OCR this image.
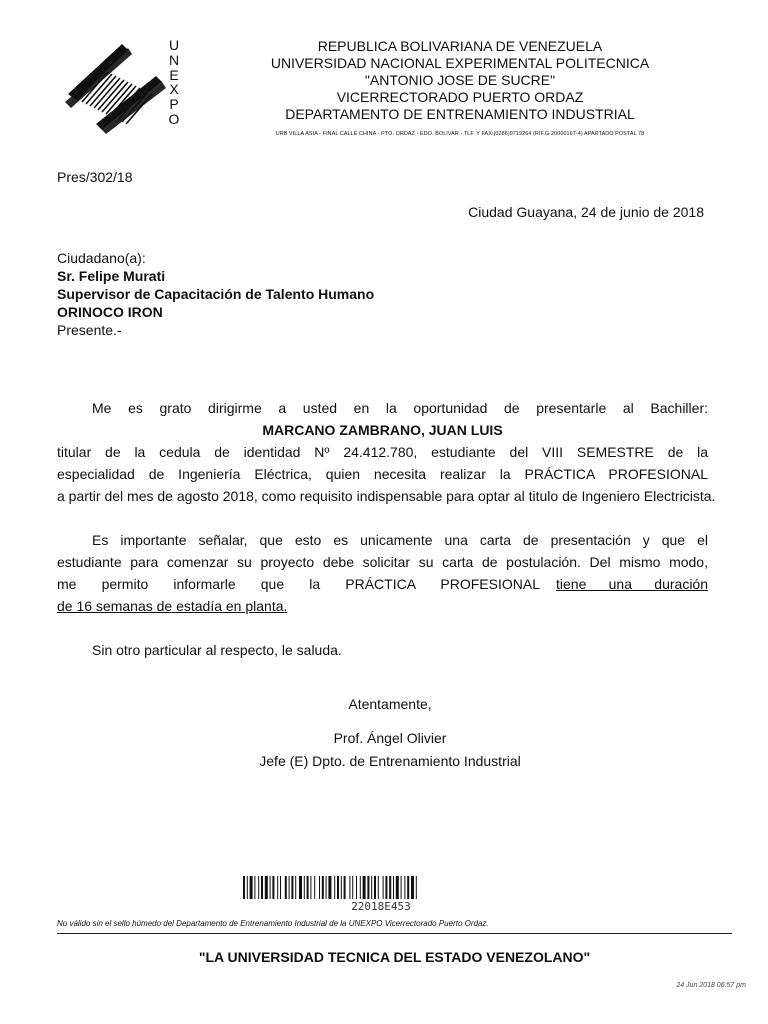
U
N
E
X
P
O
REPUBLICA BOLIVARIANA DE VENEZUELA
UNIVERSIDAD NACIONAL EXPERIMENTAL POLITECNICA
"ANTONIO JOSE DE SUCRE"
VICERRECTORADO PUERTO ORDAZ
DEPARTAMENTO DE ENTRENAMIENTO INDUSTRIAL
URB VILLA ASIA - FINAL CALLE CHINA - PTO. ORDAZ - EDO. BOLIVAR - TLF. Y FAX:(0286)9719264 (RIF.G-20000167-4) APARTADO POSTAL 78
Pres/302/18
Ciudad Guayana, 24 de junio de 2018
Ciudadano(a):
Sr. Felipe Murati
Supervisor de Capacitación de Talento Humano
ORINOCO IRON
Presente.-
Me es grato dirigirme a usted en la oportunidad de presentarle al Bachiller:
MARCANO ZAMBRANO, JUAN LUIS
titular de la cedula de identidad Nº 24.412.780, estudiante del VIII SEMESTRE de la
especialidad de Ingeniería Eléctrica, quien necesita realizar la PRÁCTICA PROFESIONAL
a partir del mes de agosto 2018, como requisito indispensable para optar al titulo de Ingeniero Electricista.
Es importante señalar, que esto es unicamente una carta de presentación y que el
estudiante para comenzar su proyecto debe solicitar su carta de postulación. Del mismo modo,
me permito informarle que la PRÁCTICA PROFESIONAL tiene una duración
de 16 semanas de estadía en planta.
Sin otro particular al respecto, le saluda.
Atentamente,
Prof. Ángel Olivier
Jefe (E) Dpto. de Entrenamiento Industrial
22018E453
No válido sin el sello húmedo del Departamento de Entrenamiento Industrial de la UNEXPO Vicerrectorado Puerto Ordaz.
"LA UNIVERSIDAD TECNICA DEL ESTADO VENEZOLANO"
24 Jun 2018 06:57 pm
